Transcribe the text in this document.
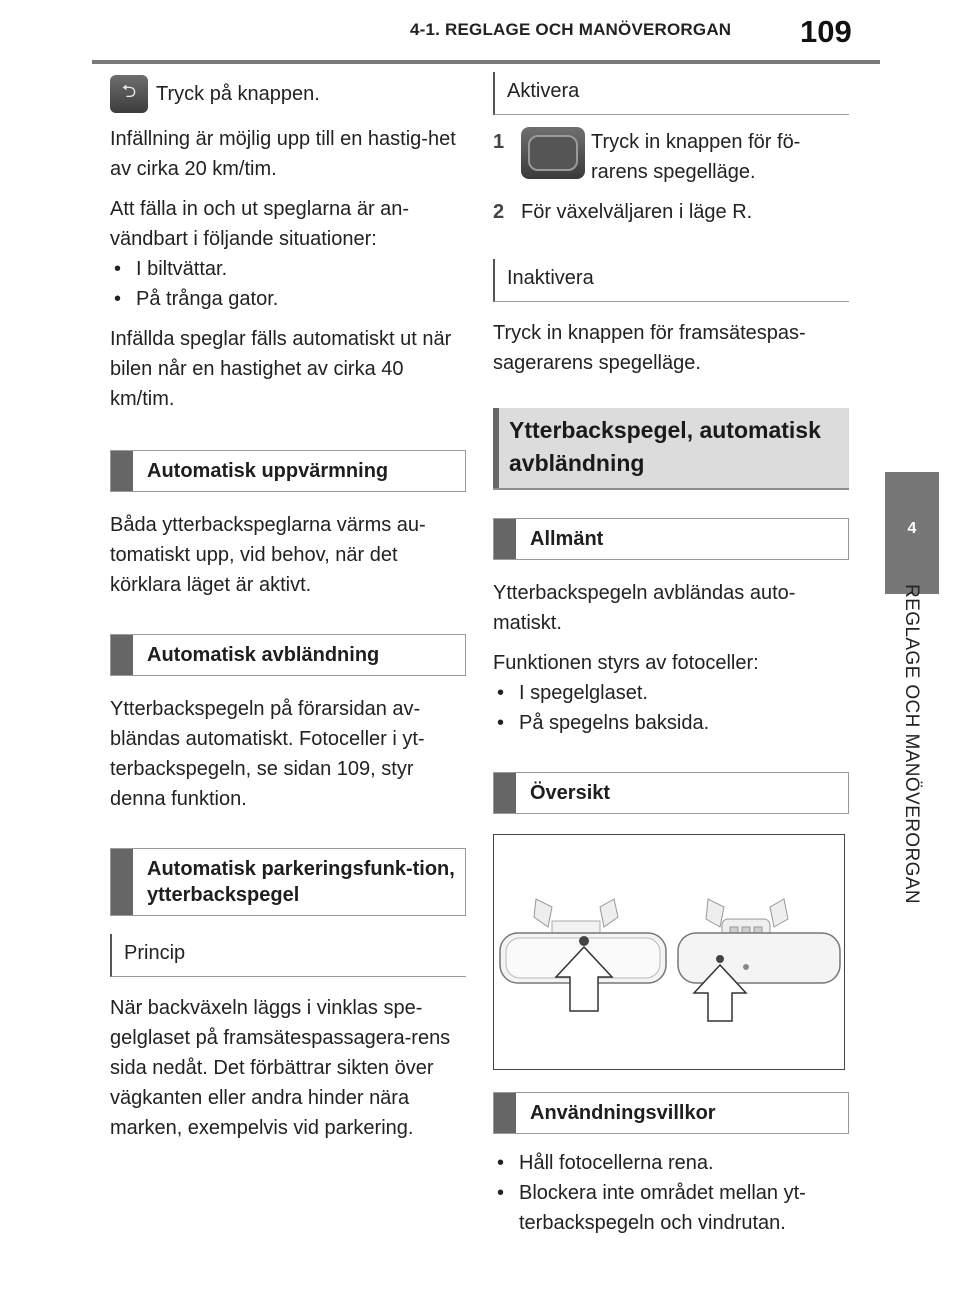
4-1. REGLAGE OCH MANÖVERORGAN	109
4
REGLAGE OCH MANÖVERORGAN
⮌ Tryck på knappen.

Infällning är möjlig upp till en hastig-het av cirka 20 km/tim.

Att fälla in och ut speglarna är an-vändbart i följande situationer:

• I biltvättar.
• På trånga gator.

Infällda speglar fälls automatiskt ut när bilen når en hastighet av cirka 40 km/tim.

Automatisk uppvärmning

Båda ytterbackspeglarna värms au-tomatiskt upp, vid behov, när det körklara läget är aktivt.

Automatisk avbländning

Ytterbackspegeln på förarsidan av-bländas automatiskt. Fotoceller i yt-terbackspegeln, se sidan 109, styr denna funktion.

Automatisk parkeringsfunk-tion, ytterbackspegel
Princip

När backväxeln läggs i vinklas spe-gelglaset på framsätespassagera-rens sida nedåt. Det förbättrar sikten över vägkanten eller andra hinder nära marken, exempelvis vid parkering.

Aktivera
1	Tryck in knappen för fö-rarens spegelläge.

2 För växelväljaren i läge R.

Inaktivera

Tryck in knappen för framsätespas-sagerarens spegelläge.

Ytterbackspegel, automatisk avbländning
Allmänt

Ytterbackspegeln avbländas auto-matiskt.

Funktionen styrs av fotoceller:

• I spegelglaset.
• På spegelns baksida.
Översikt
Användningsvillkor
• Håll fotocellerna rena.
• Blockera inte området mellan yt-terbackspegeln och vindrutan.
